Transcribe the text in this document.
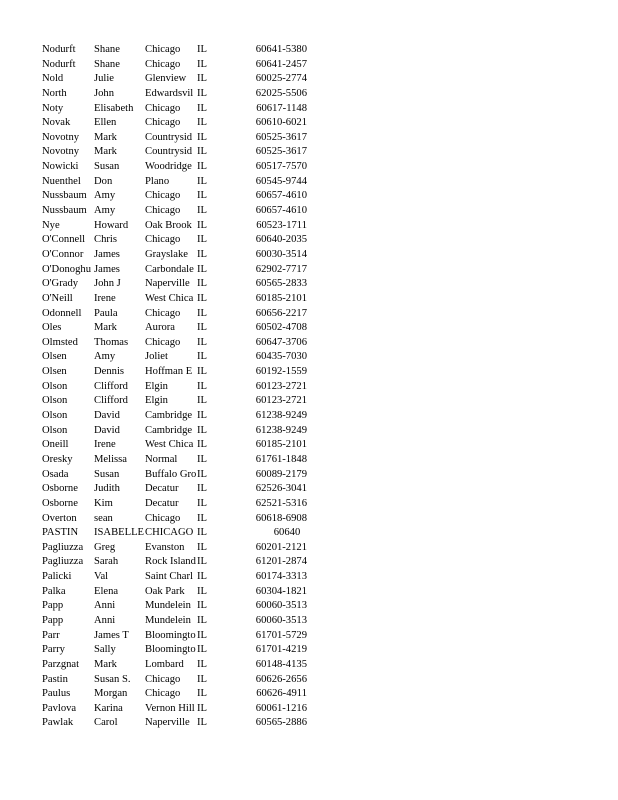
Nodurft	Shane	Chicago	IL	60641-5380
Nodurft	Shane	Chicago	IL	60641-2457
Nold	Julie	Glenview	IL	60025-2774
North	John	Edwardsvil IL	62025-5506
Noty	Elisabeth	Chicago	IL	60617-1148
Novak	Ellen	Chicago	IL	60610-6021
Novotny	Mark	Countrysid IL	60525-3617
Novotny	Mark	Countrysid IL	60525-3617
Nowicki	Susan	Woodridge IL	60517-7570
Nuenthel	Don	Plano	IL	60545-9744
Nussbaum Amy	Chicago	IL	60657-4610
Nussbaum Amy	Chicago	IL	60657-4610
Nye	Howard	Oak Brook IL	60523-1711
O'Connell Chris	Chicago	IL	60640-2035
O'Connor	James	Grayslake IL	60030-3514
O'Donoghu James	Carbondale IL	62902-7717
O'Grady	John J	Naperville IL	60565-2833
O'Neill	Irene	West Chica IL	60185-2101
Odonnell	Paula	Chicago	IL	60656-2217
Oles	Mark	Aurora	IL	60502-4708
Olmsted	Thomas	Chicago	IL	60647-3706
Olsen	Amy	Joliet	IL	60435-7030
Olsen	Dennis	Hoffman E IL	60192-1559
Olson	Clifford	Elgin	IL	60123-2721
Olson	Clifford	Elgin	IL	60123-2721
Olson	David	Cambridge IL	61238-9249
Olson	David	Cambridge IL	61238-9249
Oneill	Irene	West Chica IL	60185-2101
Oresky	Melissa	Normal	IL	61761-1848
Osada	Susan	Buffalo Gro IL	60089-2179
Osborne	Judith	Decatur	IL	62526-3041
Osborne	Kim	Decatur	IL	62521-5316
Overton	sean	Chicago	IL	60618-6908
PASTIN	ISABELLE CHICAGO IL	60640
Pagliuzza	Greg	Evanston	IL	60201-2121
Pagliuzza	Sarah	Rock Island IL	61201-2874
Palicki	Val	Saint Charl IL	60174-3313
Palka	Elena	Oak Park	IL	60304-1821
Papp	Anni	Mundelein IL	60060-3513
Papp	Anni	Mundelein IL	60060-3513
Parr	James T	Bloomingto IL	61701-5729
Parry	Sally	Bloomingto IL	61701-4219
Parzgnat	Mark	Lombard	IL	60148-4135
Pastin	Susan S.	Chicago	IL	60626-2656
Paulus	Morgan	Chicago	IL	60626-4911
Pavlova	Karina	Vernon Hill IL	60061-1216
Pawlak	Carol	Naperville IL	60565-2886
